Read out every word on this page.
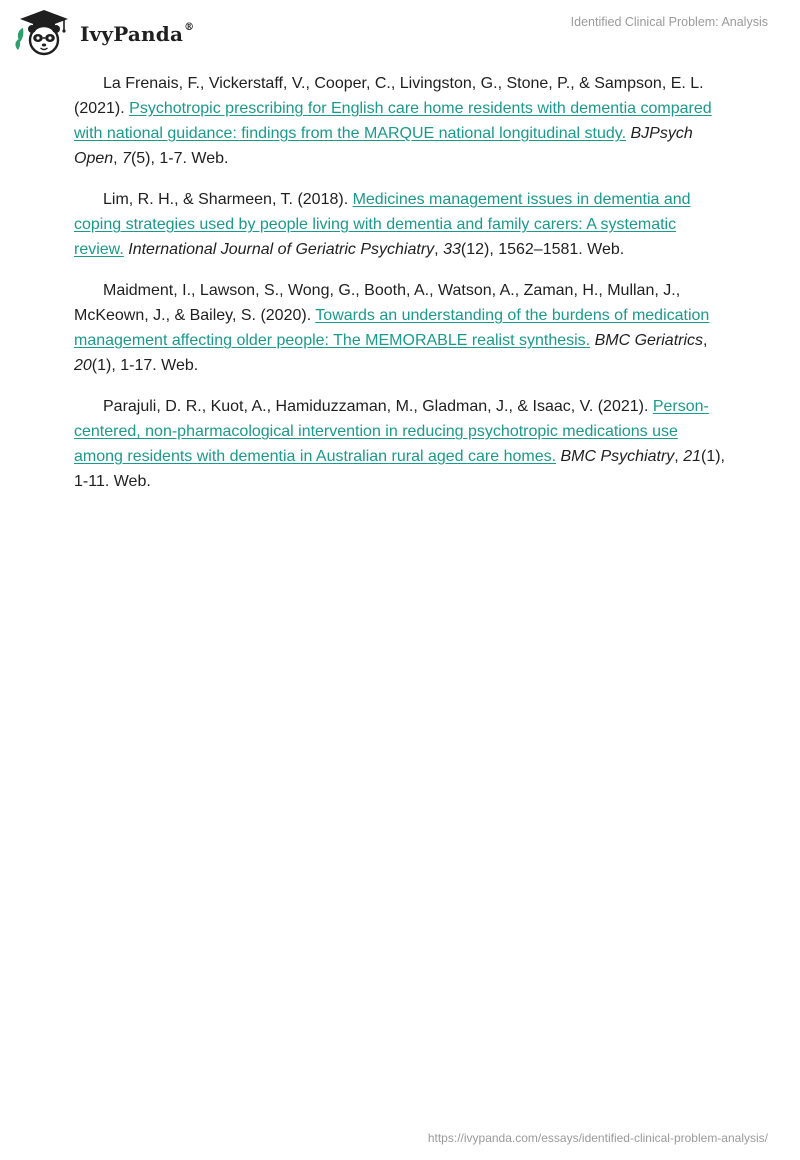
IvyPanda®	Identified Clinical Problem: Analysis

La Frenais, F., Vickerstaff, V., Cooper, C., Livingston, G., Stone, P., & Sampson, E. L. (2021). Psychotropic prescribing for English care home residents with dementia compared with national guidance: findings from the MARQUE national longitudinal study. BJPsych Open, 7(5), 1-7. Web.

Lim, R. H., & Sharmeen, T. (2018). Medicines management issues in dementia and coping strategies used by people living with dementia and family carers: A systematic review. International Journal of Geriatric Psychiatry, 33(12), 1562–1581. Web.

Maidment, I., Lawson, S., Wong, G., Booth, A., Watson, A., Zaman, H., Mullan, J., McKeown, J., & Bailey, S. (2020). Towards an understanding of the burdens of medication management affecting older people: The MEMORABLE realist synthesis. BMC Geriatrics, 20(1), 1-17. Web.

Parajuli, D. R., Kuot, A., Hamiduzzaman, M., Gladman, J., & Isaac, V. (2021). Person-centered, non-pharmacological intervention in reducing psychotropic medications use among residents with dementia in Australian rural aged care homes. BMC Psychiatry, 21(1), 1-11. Web.

https://ivypanda.com/essays/identified-clinical-problem-analysis/
